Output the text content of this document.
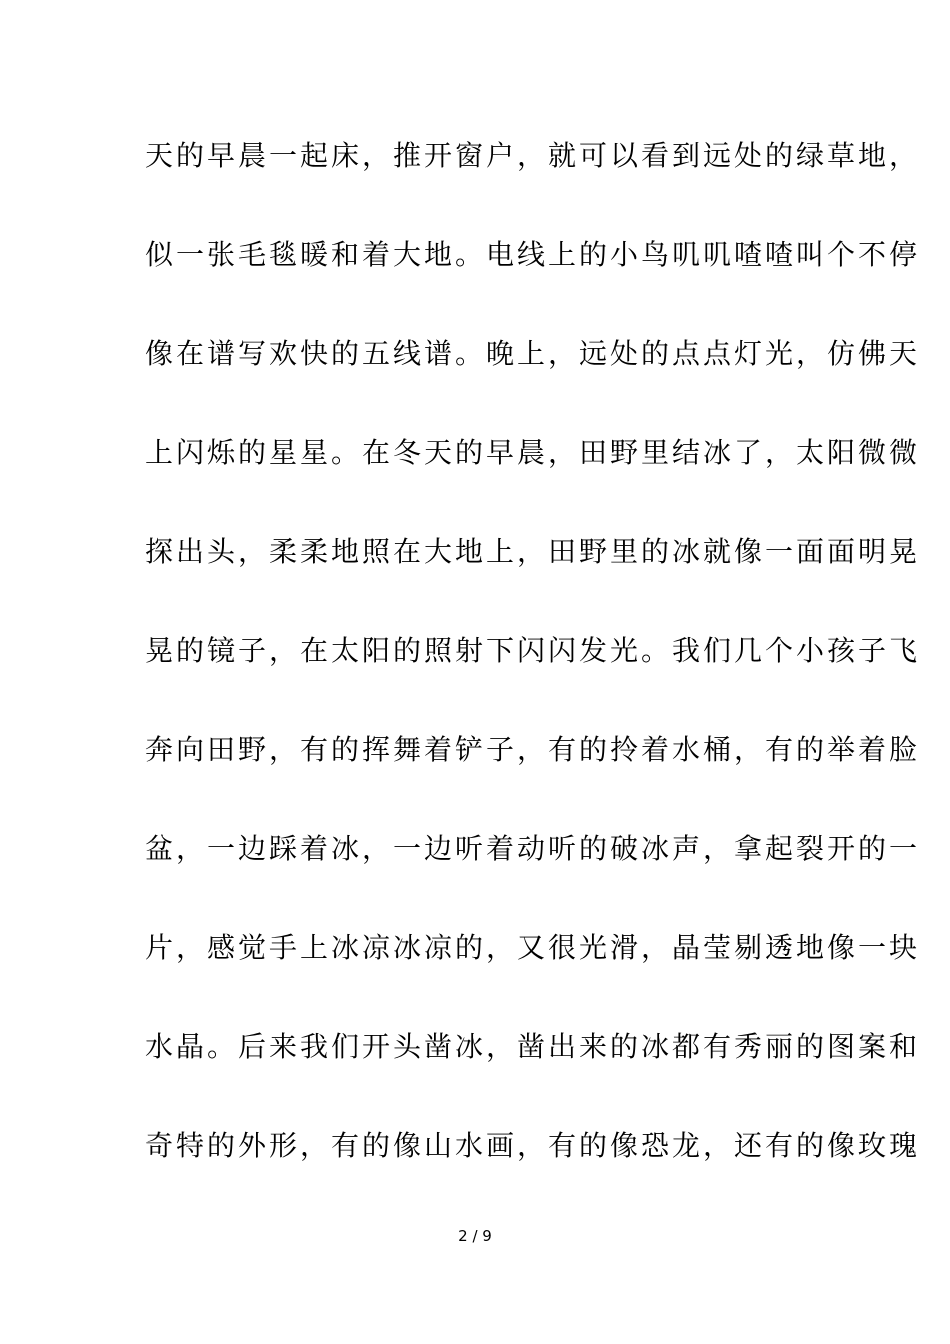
天的早晨一起床，推开窗户，就可以看到远处的绿草地，
似一张毛毯暖和着大地。电线上的小鸟叽叽喳喳叫个不停
像在谱写欢快的五线谱。晚上，远处的点点灯光，仿佛天
上闪烁的星星。在冬天的早晨，田野里结冰了，太阳微微
探出头，柔柔地照在大地上，田野里的冰就像一面面明晃
晃的镜子，在太阳的照射下闪闪发光。我们几个小孩子飞
奔向田野，有的挥舞着铲子，有的拎着水桶，有的举着脸
盆，一边踩着冰，一边听着动听的破冰声，拿起裂开的一
片，感觉手上冰凉冰凉的，又很光滑，晶莹剔透地像一块
水晶。后来我们开头凿冰，凿出来的冰都有秀丽的图案和
奇特的外形，有的像山水画，有的像恐龙，还有的像玫瑰
2 / 9
